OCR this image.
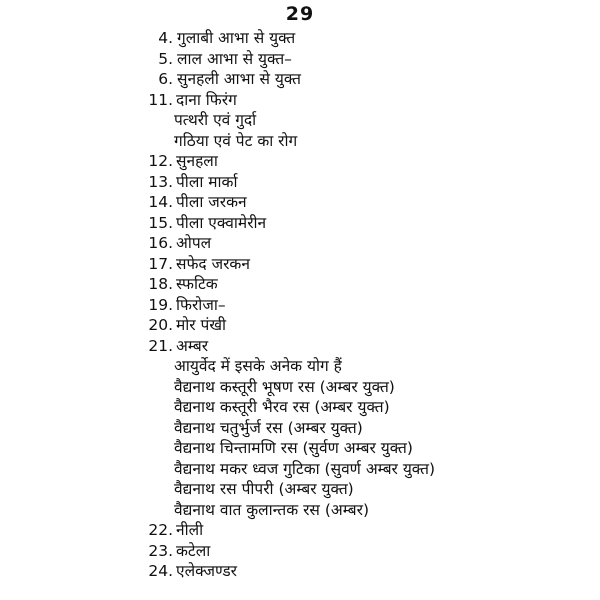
29
4. गुलाबी आभा से युक्त
5. लाल आभा से युक्त–
6. सुनहली आभा से युक्त
11. दाना फिरंग
पत्थरी एवं गुर्दा
गठिया एवं पेट का रोग
12. सुनहला
13. पीला मार्का
14. पीला जरकन
15. पीला एक्वामेरीन
16. ओपल
17. सफेद जरकन
18. स्फटिक
19. फिरोजा–
20. मोर पंखी
21. अम्बर
आयुर्वेद में इसके अनेक योग हैं
वैद्यनाथ कस्तूरी भूषण रस (अम्बर युक्त)
वैद्यनाथ कस्तूरी भैरव रस (अम्बर युक्त)
वैद्यनाथ चतुर्भुर्ज रस (अम्बर युक्त)
वैद्यनाथ चिन्तामणि रस (सुर्वण अम्बर युक्त)
वैद्यनाथ मकर ध्वज गुटिका (सुवर्ण अम्बर युक्त)
वैद्यनाथ रस पीपरी (अम्बर युक्त)
वैद्यनाथ वात कुलान्तक रस (अम्बर)
22. नीली
23. कटेला
24. एलेक्जण्डर
